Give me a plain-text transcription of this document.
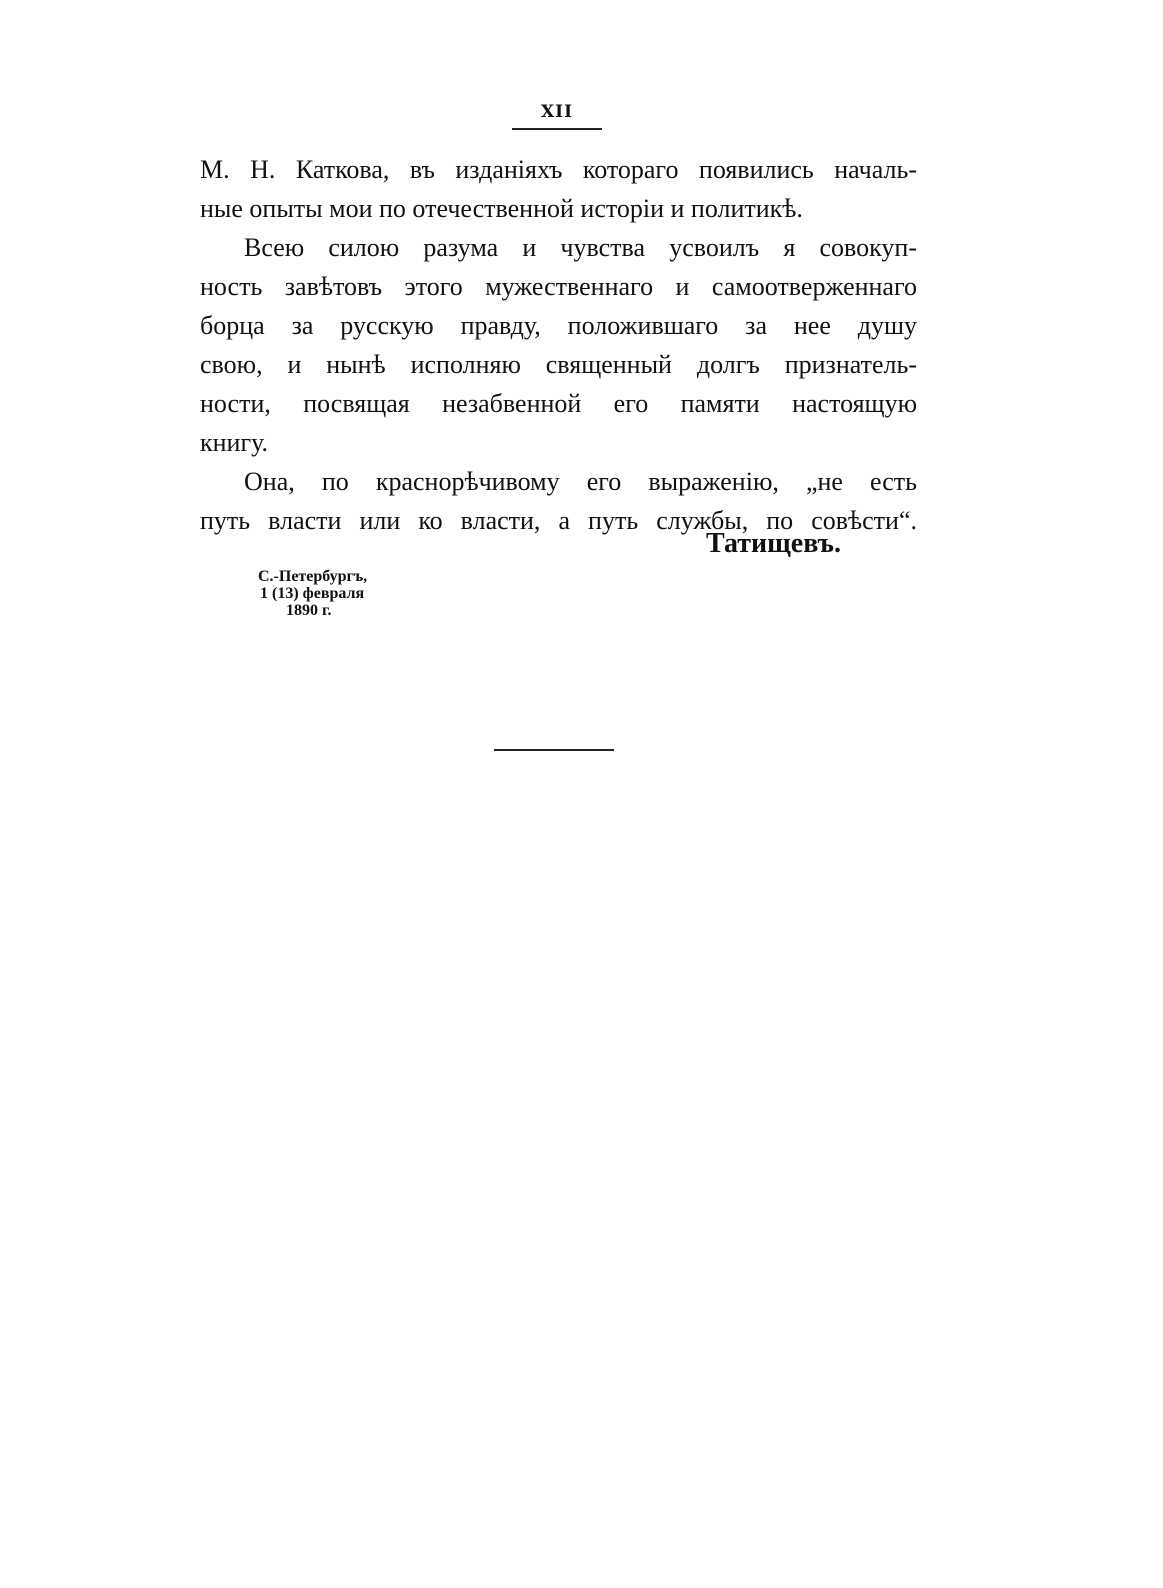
XII
М. Н. Каткова, въ изданіяхъ котораго появились началь-
ные опыты мои по отечественной исторіи и политикѣ.
Всею силою разума и чувства усвоилъ я совокуп-
ность завѣтовъ этого мужественнаго и самоотверженнаго
борца за русскую правду, положившаго за нее душу
свою, и нынѣ исполняю священный долгъ признатель-
ности, посвящая незабвенной его памяти настоящую
книгу.
Она, по краснорѣчивому его выраженію, „не есть
путь власти или ко власти, а путь службы, по совѣсти“.
Татищевъ.
С.-Петербургъ,
1 (13) февраля
1890 г.
